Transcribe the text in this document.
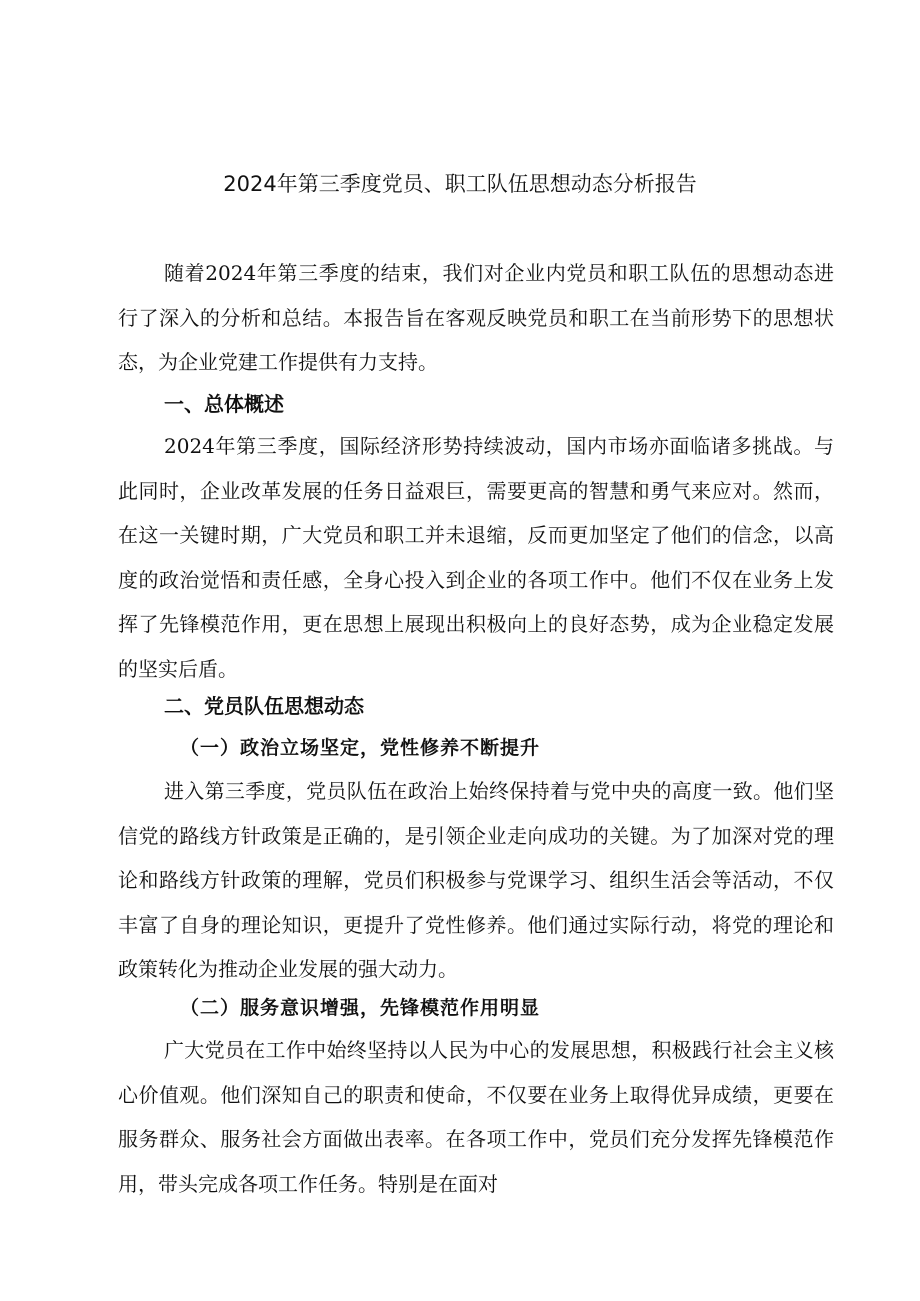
2024年第三季度党员、职工队伍思想动态分析报告

随着2024年第三季度的结束，我们对企业内党员和职工队伍的思想动态进行了深入的分析和总结。本报告旨在客观反映党员和职工在当前形势下的思想状态，为企业党建工作提供有力支持。

一、总体概述

2024年第三季度，国际经济形势持续波动，国内市场亦面临诸多挑战。与此同时，企业改革发展的任务日益艰巨，需要更高的智慧和勇气来应对。然而，在这一关键时期，广大党员和职工并未退缩，反而更加坚定了他们的信念，以高度的政治觉悟和责任感，全身心投入到企业的各项工作中。他们不仅在业务上发挥了先锋模范作用，更在思想上展现出积极向上的良好态势，成为企业稳定发展的坚实后盾。

二、党员队伍思想动态
（一）政治立场坚定，党性修养不断提升

进入第三季度，党员队伍在政治上始终保持着与党中央的高度一致。他们坚信党的路线方针政策是正确的，是引领企业走向成功的关键。为了加深对党的理论和路线方针政策的理解，党员们积极参与党课学习、组织生活会等活动，不仅丰富了自身的理论知识，更提升了党性修养。他们通过实际行动，将党的理论和政策转化为推动企业发展的强大动力。

（二）服务意识增强，先锋模范作用明显

广大党员在工作中始终坚持以人民为中心的发展思想，积极践行社会主义核心价值观。他们深知自己的职责和使命，不仅要在业务上取得优异成绩，更要在服务群众、服务社会方面做出表率。在各项工作中，党员们充分发挥先锋模范作用，带头完成各项工作任务。特别是在面对
